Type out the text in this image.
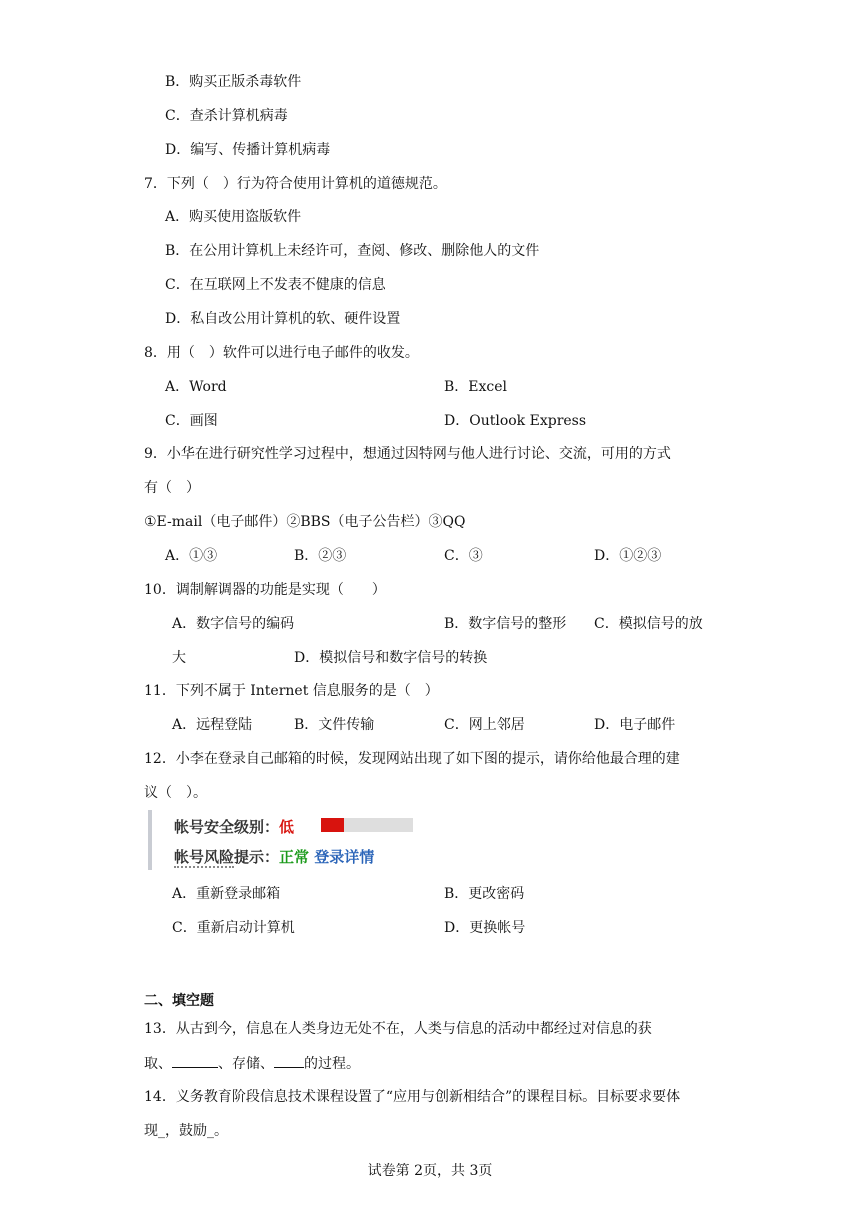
B．购买正版杀毒软件
C．查杀计算机病毒
D．编写、传播计算机病毒
7．下列（　）行为符合使用计算机的道德规范。
A．购买使用盗版软件
B．在公用计算机上未经许可，查阅、修改、删除他人的文件
C．在互联网上不发表不健康的信息
D．私自改公用计算机的软、硬件设置
8．用（　）软件可以进行电子邮件的收发。
A．Word	B．Excel
C．画图	D．Outlook Express
9．小华在进行研究性学习过程中，想通过因特网与他人进行讨论、交流，可用的方式
有（　）
①E-mail（电子邮件）②BBS（电子公告栏）③QQ
A．①③	B．②③	C．③	D．①②③
10．调制解调器的功能是实现（　　）
A．数字信号的编码	B．数字信号的整形 C．模拟信号的放
大	D．模拟信号和数字信号的转换
11．下列不属于 Internet 信息服务的是（　）
A．远程登陆	B．文件传输	C．网上邻居	D．电子邮件
12．小李在登录自己邮箱的时候，发现网站出现了如下图的提示，请你给他最合理的建
议（　）。
帐号安全级别：低
帐号风险提示：正常 登录详情
A．重新登录邮箱	B．更改密码
C．重新启动计算机	D．更换帐号
二、填空题
13．从古到今，信息在人类身边无处不在，人类与信息的活动中都经过对信息的获
取、	、存储、 的过程。
14．义务教育阶段信息技术课程设置了“应用与创新相结合”的课程目标。目标要求要体
现_，鼓励_。
试卷第 2页，共 3页
